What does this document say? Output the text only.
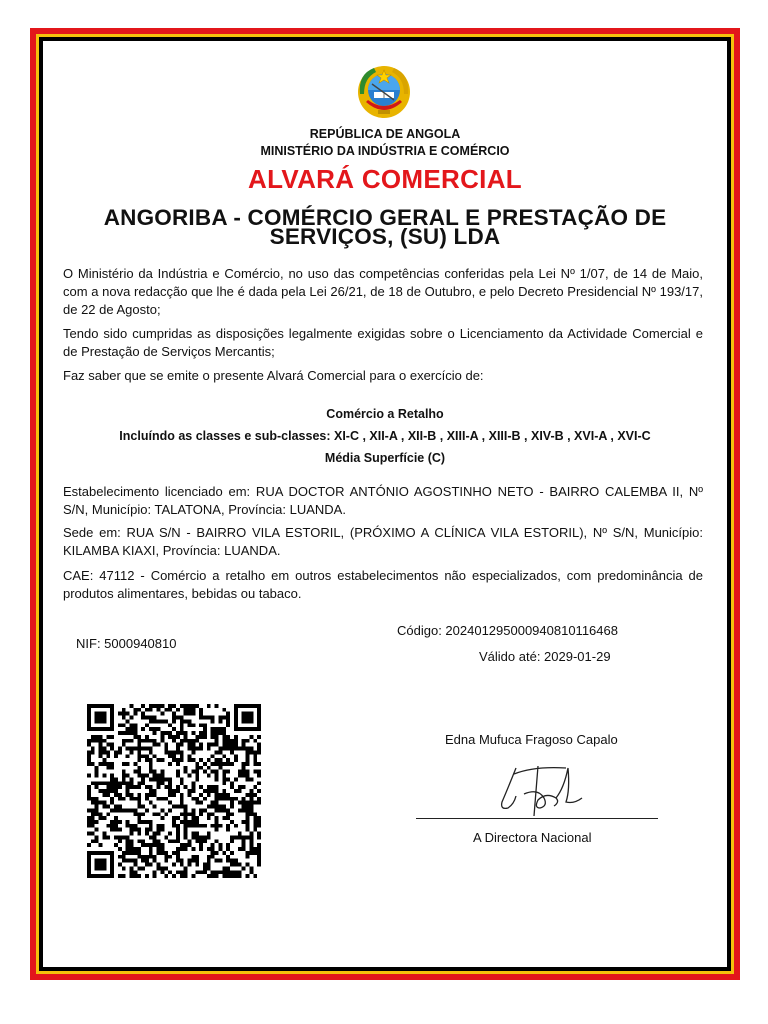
REPÚBLICA DE ANGOLA
MINISTÉRIO DA INDÚSTRIA E COMÉRCIO
ALVARÁ COMERCIAL
ANGORIBA - COMÉRCIO GERAL E PRESTAÇÃO DE
SERVIÇOS, (SU) LDA
O Ministério da Indústria e Comércio, no uso das competências conferidas pela Lei Nº 1/07, de 14 de Maio, com a nova redacção que lhe é dada pela Lei 26/21, de 18 de Outubro, e pelo Decreto Presidencial Nº 193/17, de 22 de Agosto;
Tendo sido cumpridas as disposições legalmente exigidas sobre o Licenciamento da Actividade Comercial e de Prestação de Serviços Mercantis;
Faz saber que se emite o presente Alvará Comercial para o exercício de:
Comércio a Retalho
Incluíndo as classes e sub-classes: XI-C , XII-A , XII-B , XIII-A , XIII-B , XIV-B , XVI-A , XVI-C
Média Superfície (C)
Estabelecimento licenciado em: RUA DOCTOR ANTÓNIO AGOSTINHO NETO - BAIRRO CALEMBA II, Nº S/N, Município: TALATONA, Província: LUANDA.
Sede em: RUA S/N - BAIRRO VILA ESTORIL, (PRÓXIMO A CLÍNICA VILA ESTORIL), Nº S/N, Município: KILAMBA KIAXI, Província: LUANDA.
CAE: 47112 - Comércio a retalho em outros estabelecimentos não especializados, com predominância de produtos alimentares, bebidas ou tabaco.
Código: 20240129500094081011646​8
NIF: 5000940810
Válido até: 2029-01-29
Edna Mufuca Fragoso Capalo
A Directora Nacional
